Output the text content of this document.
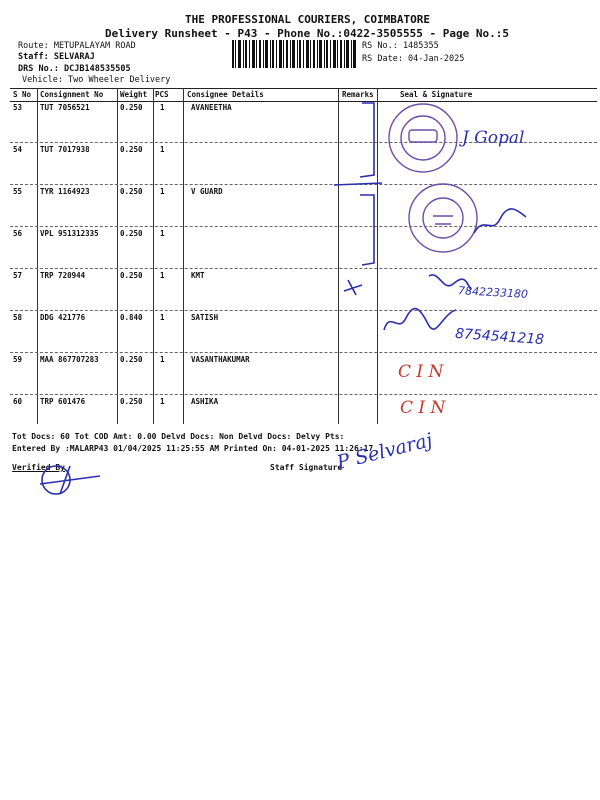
THE PROFESSIONAL COURIERS, COIMBATORE
Delivery Runsheet - P43 - Phone No.:0422-3505555 - Page No.:5
Route: METUPALAYAM ROAD
Staff: SELVARAJ
DRS No.: DCJB148535505
Vehicle: Two Wheeler Delivery
RS No.: 1485355
RS Date: 04-Jan-2025
S No Consignment No Weight PCS Consignee Details	Remarks	Seal & Signature
53 TUT 7056521	0.250 1	AVANEETHA
54 TUT 7017938	0.250 1
55 TYR 1164923	0.250 1	V GUARD
56 VPL 951312335	0.250 1
57 TRP 720944	0.250 1	KMT
58 DDG 421776	0.840 1	SATISH
59 MAA 867707283	0.250 1	VASANTHAKUMAR
60 TRP 601476	0.250 1	ASHIKA
J Gopal
7842233180
8754541218
C I N
C I N
Tot Docs: 60 Tot COD Amt: 0.00 Delvd Docs: Non Delvd Docs: Delvy Pts:
Entered By :MALARP43 01/04/2025 11:25:55 AM Printed On: 04-01-2025 11:26:17
Verified By	Staff Signature
P Selvaraj
